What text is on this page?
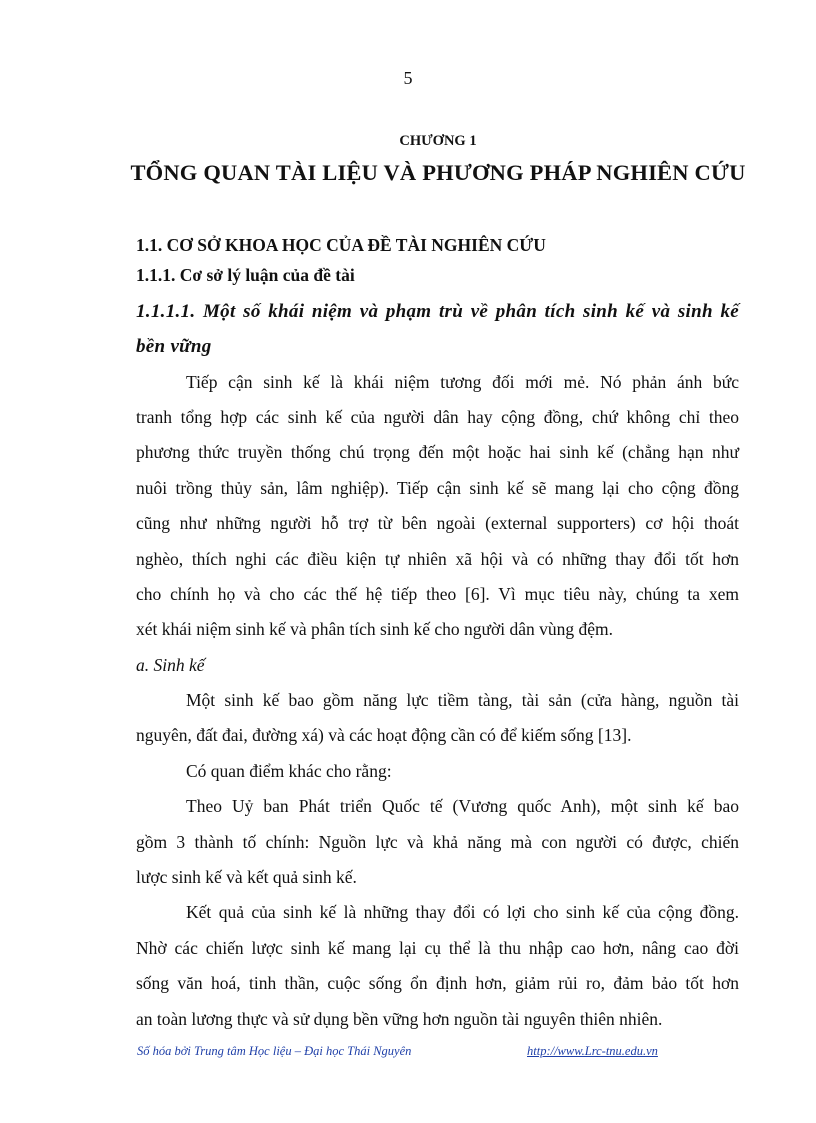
5
CHƯƠNG 1
TỔNG QUAN TÀI LIỆU VÀ PHƯƠNG PHÁP NGHIÊN CỨU
1.1. CƠ SỞ KHOA HỌC CỦA ĐỀ TÀI NGHIÊN CỨU
1.1.1. Cơ sở lý luận của đề tài
1.1.1.1. Một số khái niệm và phạm trù về phân tích sinh kế và sinh kế
bền vững
Tiếp cận sinh kế là khái niệm tương đối mới mẻ. Nó phản ánh bức
tranh tổng hợp các sinh kế của người dân hay cộng đồng, chứ không chỉ theo
phương thức truyền thống chú trọng đến một hoặc hai sinh kế (chẳng hạn như
nuôi trồng thủy sản, lâm nghiệp). Tiếp cận sinh kế sẽ mang lại cho cộng đồng
cũng như những người hỗ trợ từ bên ngoài (external supporters) cơ hội thoát
nghèo, thích nghi các điều kiện tự nhiên xã hội và có những thay đổi tốt hơn
cho chính họ và cho các thế hệ tiếp theo [6]. Vì mục tiêu này, chúng ta xem
xét khái niệm sinh kế và phân tích sinh kế cho người dân vùng đệm.
a. Sinh kế
Một sinh kế bao gồm năng lực tiềm tàng, tài sản (cửa hàng, nguồn tài
nguyên, đất đai, đường xá) và các hoạt động cần có để kiếm sống [13].
Có quan điểm khác cho rằng:
Theo Uỷ ban Phát triển Quốc tế (Vương quốc Anh), một sinh kế bao
gồm 3 thành tố chính: Nguồn lực và khả năng mà con người có được, chiến
lược sinh kế và kết quả sinh kế.
Kết quả của sinh kế là những thay đổi có lợi cho sinh kế của cộng đồng.
Nhờ các chiến lược sinh kế mang lại cụ thể là thu nhập cao hơn, nâng cao đời
sống văn hoá, tinh thần, cuộc sống ổn định hơn, giảm rủi ro, đảm bảo tốt hơn
an toàn lương thực và sử dụng bền vững hơn nguồn tài nguyên thiên nhiên.
Số hóa bởi Trung tâm Học liệu – Đại học Thái Nguyên	http://www.Lrc-tnu.edu.vn
